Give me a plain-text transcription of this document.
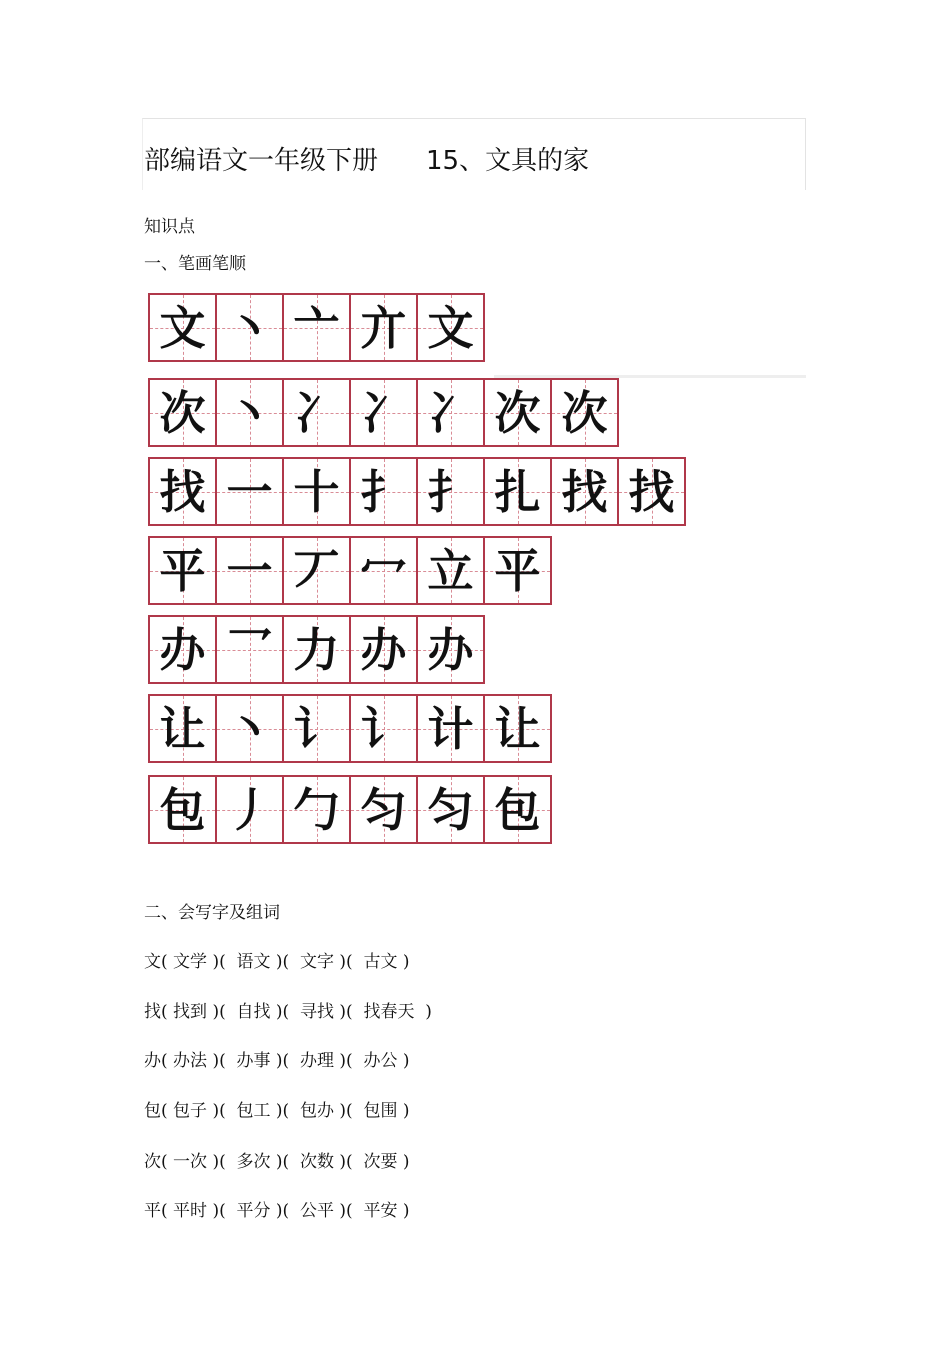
部编语文一年级下册 15、文具的家
知识点
一、笔画笔顺
文 丶 亠 亣 文
次 丶 冫 冫 冫 次 次
找 一 十 扌 扌 扎 找 找
平 一 丆 冖 立 平
办 乛 力 办 办
让 丶 讠 讠 计 让
包 丿 勹 匀 匀 包
二、会写字及组词
文( 文学 )(  语文 )(  文字 )(  古文 )
找( 找到 )(  自找 )(  寻找 )(  找春天  )
办( 办法 )(  办事 )(  办理 )(  办公 )
包( 包子 )(  包工 )(  包办 )(  包围 )
次( 一次 )(  多次 )(  次数 )(  次要 )
平( 平时 )(  平分 )(  公平 )(  平安 )
